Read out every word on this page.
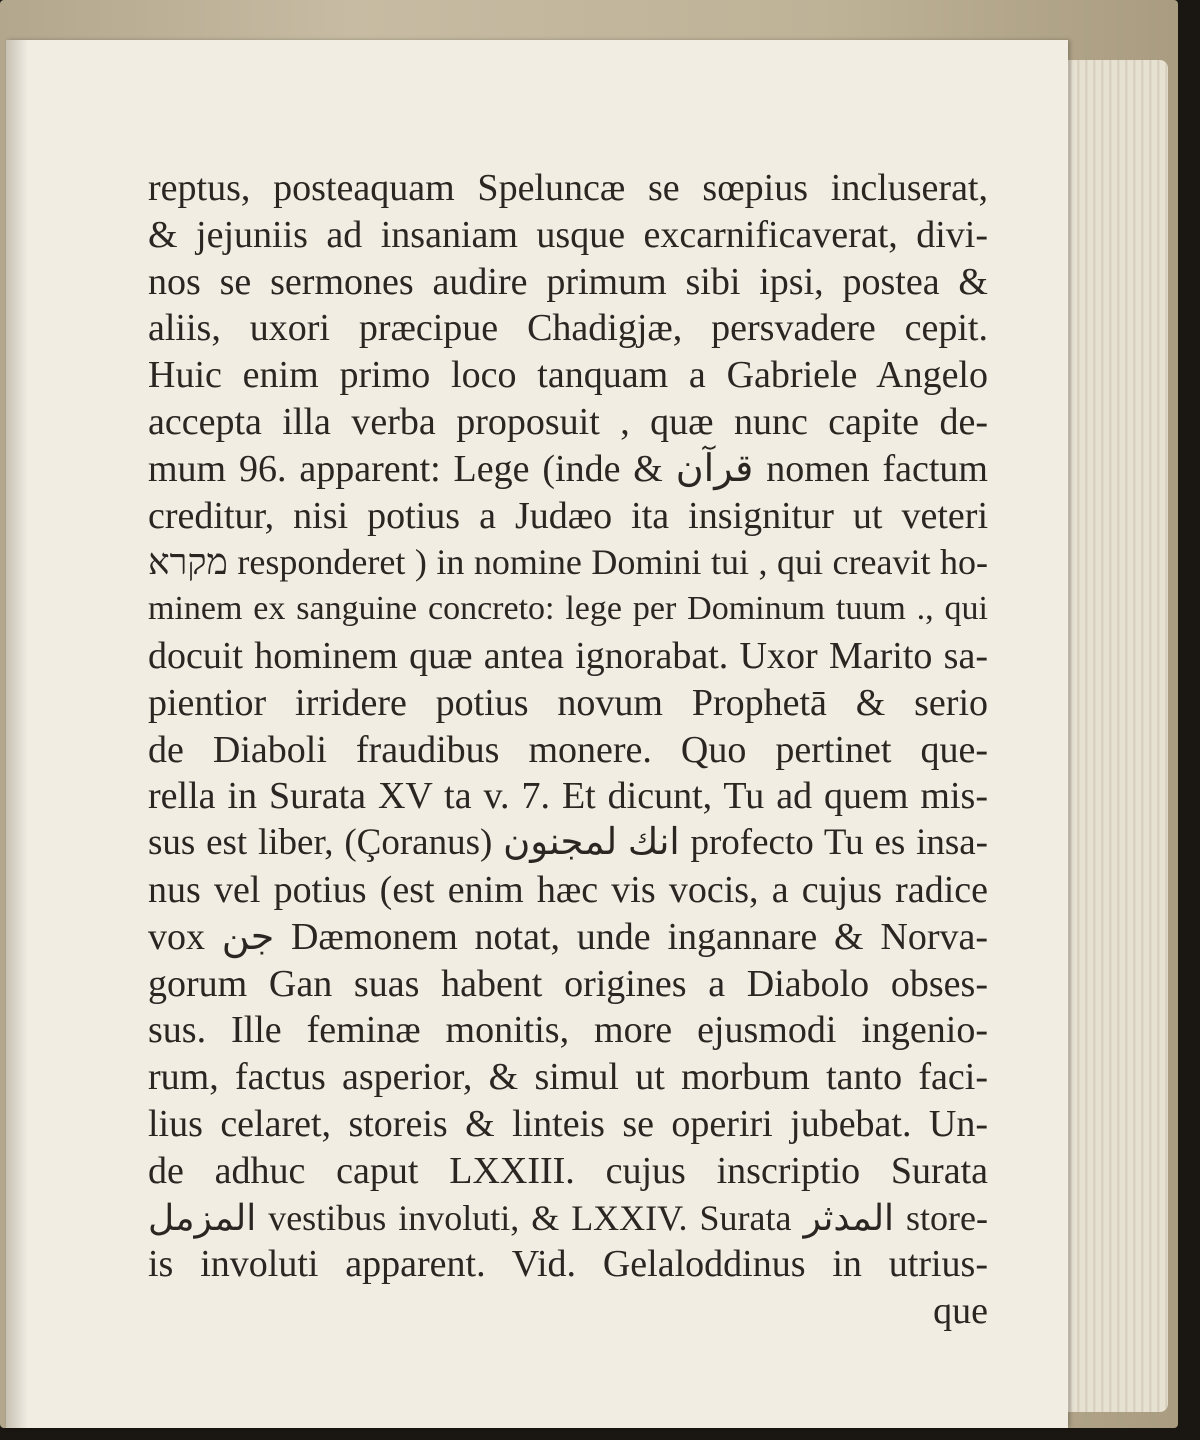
reptus, posteaquam Speluncæ se sœpius incluserat,
& jejuniis ad insaniam usque excarnificaverat, divi-
nos se sermones audire primum sibi ipsi, postea &
aliis, uxori præcipue Chadigjæ, persvadere cepit.
Huic enim primo loco tanquam a Gabriele Angelo
accepta illa verba proposuit , quæ nunc capite de-
mum 96. apparent: Lege (inde & قرآن nomen factum
creditur, nisi potius a Judæo ita insignitur ut veteri
מקרא responderet ) in nomine Domini tui , qui creavit ho-
minem ex sanguine concreto: lege per Dominum tuum ., qui
docuit hominem quæ antea ignorabat. Uxor Marito sa-
pientior irridere potius novum Prophetā & serio
de Diaboli fraudibus monere. Quo pertinet que-
rella in Surata XV ta v. 7. Et dicunt, Tu ad quem mis-
sus est liber, (Çoranus) انك لمجنون profecto Tu es insa-
nus vel potius (est enim hæc vis vocis, a cujus radice
vox جن Dæmonem notat, unde ingannare & Norva-
gorum Gan suas habent origines a Diabolo obses-
sus. Ille feminæ monitis, more ejusmodi ingenio-
rum, factus asperior, & simul ut morbum tanto faci-
lius celaret, storeis & linteis se operiri jubebat. Un-
de adhuc caput LXXIII. cujus inscriptio Surata
المزمل vestibus involuti, & LXXIV. Surata المدثر store-
is involuti apparent. Vid. Gelaloddinus in utrius-
que
